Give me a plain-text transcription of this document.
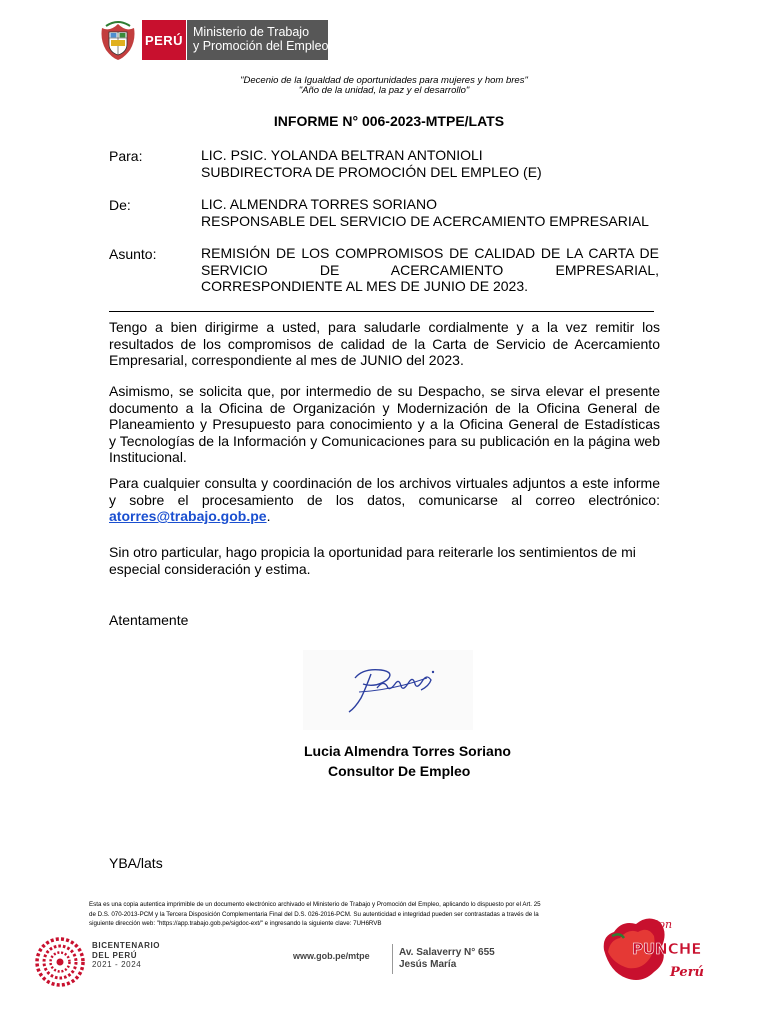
PERÚ
Ministerio de Trabajo
y Promoción del Empleo
"Decenio de la Igualdad de oportunidades para mujeres y hom bres"
"Año de la unidad, la paz y el desarrollo"
INFORME N° 006-2023-MTPE/LATS
Para:	LIC. PSIC. YOLANDA BELTRAN ANTONIOLI
SUBDIRECTORA DE PROMOCIÓN DEL EMPLEO (E)
De:	LIC. ALMENDRA TORRES SORIANO
RESPONSABLE DEL SERVICIO DE ACERCAMIENTO EMPRESARIAL
Asunto:	REMISIÓN DE LOS COMPROMISOS DE CALIDAD DE LA CARTA DE
SERVICIO DE ACERCAMIENTO EMPRESARIAL,
CORRESPONDIENTE AL MES DE JUNIO DE 2023.
Tengo a bien dirigirme a usted, para saludarle cordialmente y a la vez remitir los
resultados de los compromisos de calidad de la Carta de Servicio de Acercamiento
Empresarial, correspondiente al mes de JUNIO del 2023.
Asimismo, se solicita que, por intermedio de su Despacho, se sirva elevar el presente
documento a la Oficina de Organización y Modernización de la Oficina General de
Planeamiento y Presupuesto para conocimiento y a la Oficina General de Estadísticas
y Tecnologías de la Información y Comunicaciones para su publicación en la página web
Institucional.
Para cualquier consulta y coordinación de los archivos virtuales adjuntos a este informe
y sobre el procesamiento de los datos, comunicarse al correo electrónico:
atorres@trabajo.gob.pe.
Sin otro particular, hago propicia la oportunidad para reiterarle los sentimientos de mi
especial consideración y estima.
Atentamente
Lucia Almendra Torres Soriano
Consultor De Empleo
YBA/lats
Esta es una copia autentica imprimible de un documento electrónico archivado el Ministerio de Trabajo y Promoción del Empleo, aplicando lo dispuesto por el Art. 25
de D.S. 070-2013-PCM y la Tercera Disposición Complementaria Final del D.S. 026-2016-PCM. Su autenticidad e integridad pueden ser contrastadas a través de la
siguiente dirección web: "https://app.trabajo.gob.pe/sigdoc-ext/" e ingresando la siguiente clave: 7UH6RVB
BICENTENARIO
DEL PERÚ
2021 - 2024
www.gob.pe/mtpe	Av. Salaverry N° 655
Jesús María
Con
PUNCHE
Perú
